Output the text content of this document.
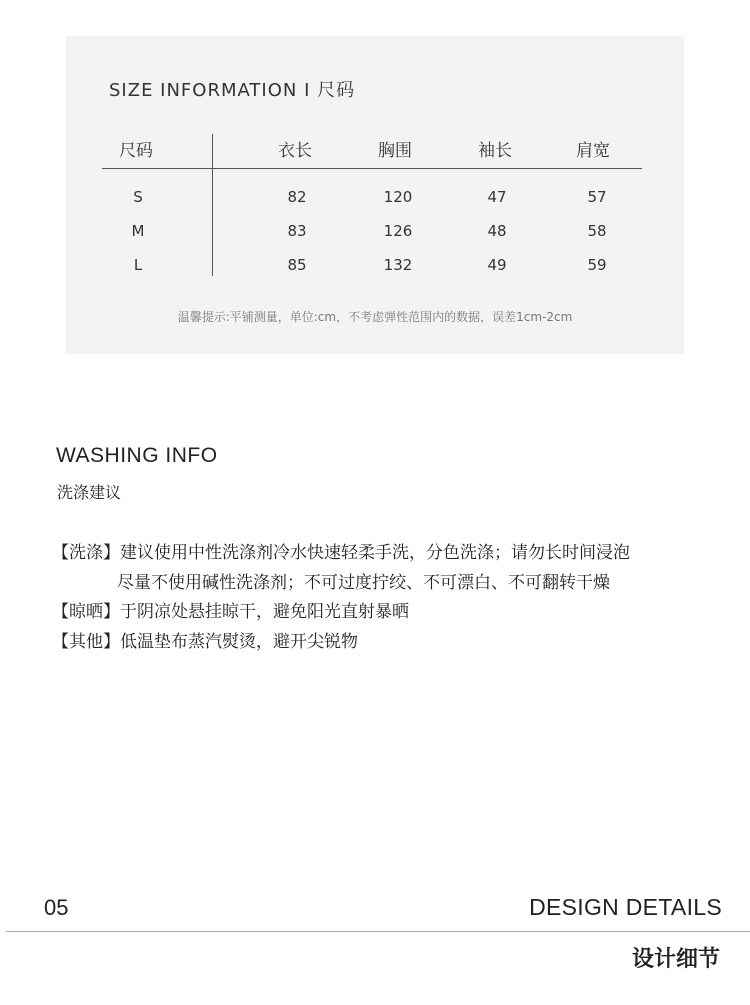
SIZE INFORMATION I 尺码
尺码	衣长	胸围	袖长	肩宽
S	82	120	47	57
M	83	126	48	58
L	85	132	49	59
温馨提示:平铺测量，单位:cm，不考虑弹性范围内的数据，误差1cm-2cm
WASHING INFO
洗涤建议
【洗涤】建议使用中性洗涤剂冷水快速轻柔手洗，分色洗涤；请勿长时间浸泡
尽量不使用碱性洗涤剂；不可过度拧绞、不可漂白、不可翻转干燥
【晾晒】于阴凉处悬挂晾干，避免阳光直射暴晒
【其他】低温垫布蒸汽熨烫，避开尖锐物
05	DESIGN DETAILS
设计细节
